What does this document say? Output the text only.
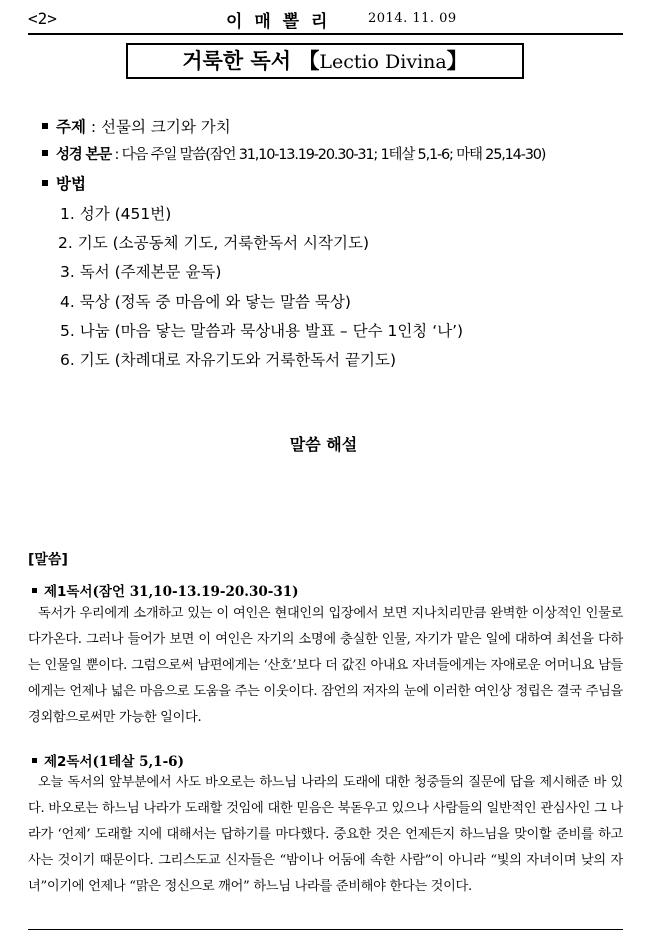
<2>	이 매 뽈 리	2014. 11. 09
거룩한 독서 【Lectio Divina】
주제 : 선물의 크기와 가치
성경 본문 : 다음 주일 말씀(잠언 31,10-13.19-20.30-31; 1테살 5,1-6; 마태 25,14-30)
방법
1. 성가 (451번)
2. 기도 (소공동체 기도, 거룩한독서 시작기도)
3. 독서 (주제본문 윤독)
4. 묵상 (정독 중 마음에 와 닿는 말씀 묵상)
5. 나눔 (마음 닿는 말씀과 묵상내용 발표 – 단수 1인칭 ‘나’)
6. 기도 (차례대로 자유기도와 거룩한독서 끝기도)
말씀 해설
[말씀]
제1독서(잠언 31,10-13.19-20.30-31)
독서가 우리에게 소개하고 있는 이 여인은 현대인의 입장에서 보면 지나치리만큼 완벽한 이상적인 인물로 다가온다. 그러나 들어가 보면 이 여인은 자기의 소명에 충실한 인물, 자기가 맡은 일에 대하여 최선을 다하는 인물일 뿐이다. 그럼으로써 남편에게는 ‘산호’보다 더 값진 아내요 자녀들에게는 자애로운 어머니요 남들에게는 언제나 넓은 마음으로 도움을 주는 이웃이다. 잠언의 저자의 눈에 이러한 여인상 정립은 결국 주님을 경외함으로써만 가능한 일이다.
제2독서(1테살 5,1-6)
오늘 독서의 앞부분에서 사도 바오로는 하느님 나라의 도래에 대한 청중들의 질문에 답을 제시해준 바 있다. 바오로는 하느님 나라가 도래할 것임에 대한 믿음은 북돋우고 있으나 사람들의 일반적인 관심사인 그 나라가 ‘언제’ 도래할 지에 대해서는 답하기를 마다했다. 중요한 것은 언제든지 하느님을 맞이할 준비를 하고 사는 것이기 때문이다. 그리스도교 신자들은 “밤이나 어둠에 속한 사람”이 아니라 “빛의 자녀이며 낮의 자녀”이기에 언제나 “맑은 정신으로 깨어” 하느님 나라를 준비해야 한다는 것이다.
